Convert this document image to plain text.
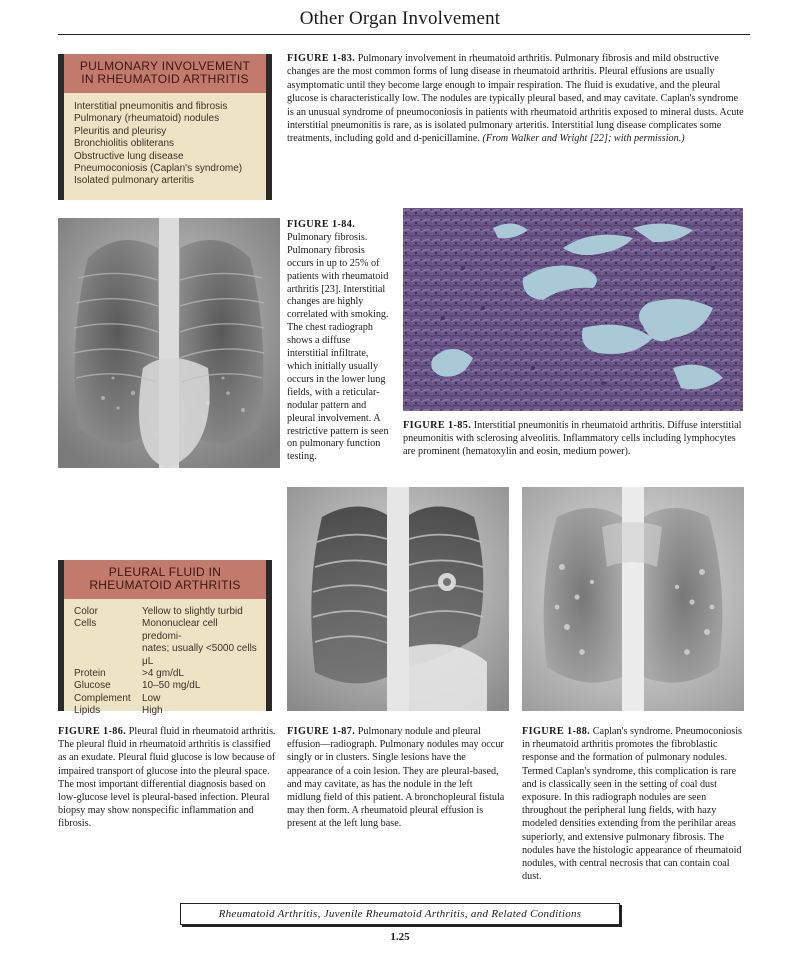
Other Organ Involvement
PULMONARY INVOLVEMENT
IN RHEUMATOID ARTHRITIS
Interstitial pneumonitis and fibrosis
Pulmonary (rheumatoid) nodules
Pleuritis and pleurisy
Bronchiolitis obliterans
Obstructive lung disease
Pneumoconiosis (Caplan's syndrome)
Isolated pulmonary arteritis
FIGURE 1-83. Pulmonary involvement in rheumatoid arthritis. Pulmonary fibrosis and mild obstructive changes are the most common forms of lung disease in rheumatoid arthritis. Pleural effusions are usually asymptomatic until they become large enough to impair respiration. The fluid is exudative, and the pleural glucose is characteristically low. The nodules are typically pleural based, and may cavitate. Caplan's syndrome is an unusual syndrome of pneumoconiosis in patients with rheumatoid arthritis exposed to mineral dusts. Acute interstitial pneumonitis is rare, as is isolated pulmonary arteritis. Interstitial lung disease complicates some treatments, including gold and d-penicillamine. (From Walker and Wright [22]; with permission.)
FIGURE 1-84.
Pulmonary fibrosis. Pulmonary fibrosis occurs in up to 25% of patients with rheumatoid arthritis [23]. Interstitial changes are highly correlated with smoking. The chest radiograph shows a diffuse interstitial infiltrate, which initially usually occurs in the lower lung fields, with a reticular-nodular pattern and pleural involvement. A restrictive pattern is seen on pulmonary function testing.
FIGURE 1-85. Interstitial pneumonitis in rheumatoid arthritis. Diffuse interstitial pneumonitis with sclerosing alveolitis. Inflammatory cells including lymphocytes are prominent (hematoxylin and eosin, medium power).
PLEURAL FLUID IN
RHEUMATOID ARTHRITIS
Color	Yellow to slightly turbid
Cells	Mononuclear cell predomi-
nates; usually <5000 cells
μL
Protein	>4 gm/dL
Glucose	10–50 mg/dL
Complement	Low
Lipids	High
FIGURE 1-86. Pleural fluid in rheumatoid arthritis. The pleural fluid in rheumatoid arthritis is classified as an exudate. Pleural fluid glucose is low because of impaired transport of glucose into the pleural space. The most important differential diagnosis based on low-glucose level is pleural-based infection. Pleural biopsy may show nonspecific inflammation and fibrosis.
FIGURE 1-87. Pulmonary nodule and pleural effusion—radiograph. Pulmonary nodules may occur singly or in clusters. Single lesions have the appearance of a coin lesion. They are pleural-based, and may cavitate, as has the nodule in the left midlung field of this patient. A bronchopleural fistula may then form. A rheumatoid pleural effusion is present at the left lung base.
FIGURE 1-88. Caplan's syndrome. Pneumoconiosis in rheumatoid arthritis promotes the fibroblastic response and the formation of pulmonary nodules. Termed Caplan's syndrome, this complication is rare and is classically seen in the setting of coal dust exposure. In this radiograph nodules are seen throughout the peripheral lung fields, with hazy modeled densities extending from the perihilar areas superiorly, and extensive pulmonary fibrosis. The nodules have the histologic appearance of rheumatoid nodules, with central necrosis that can contain coal dust.
Rheumatoid Arthritis, Juvenile Rheumatoid Arthritis, and Related Conditions
1.25
